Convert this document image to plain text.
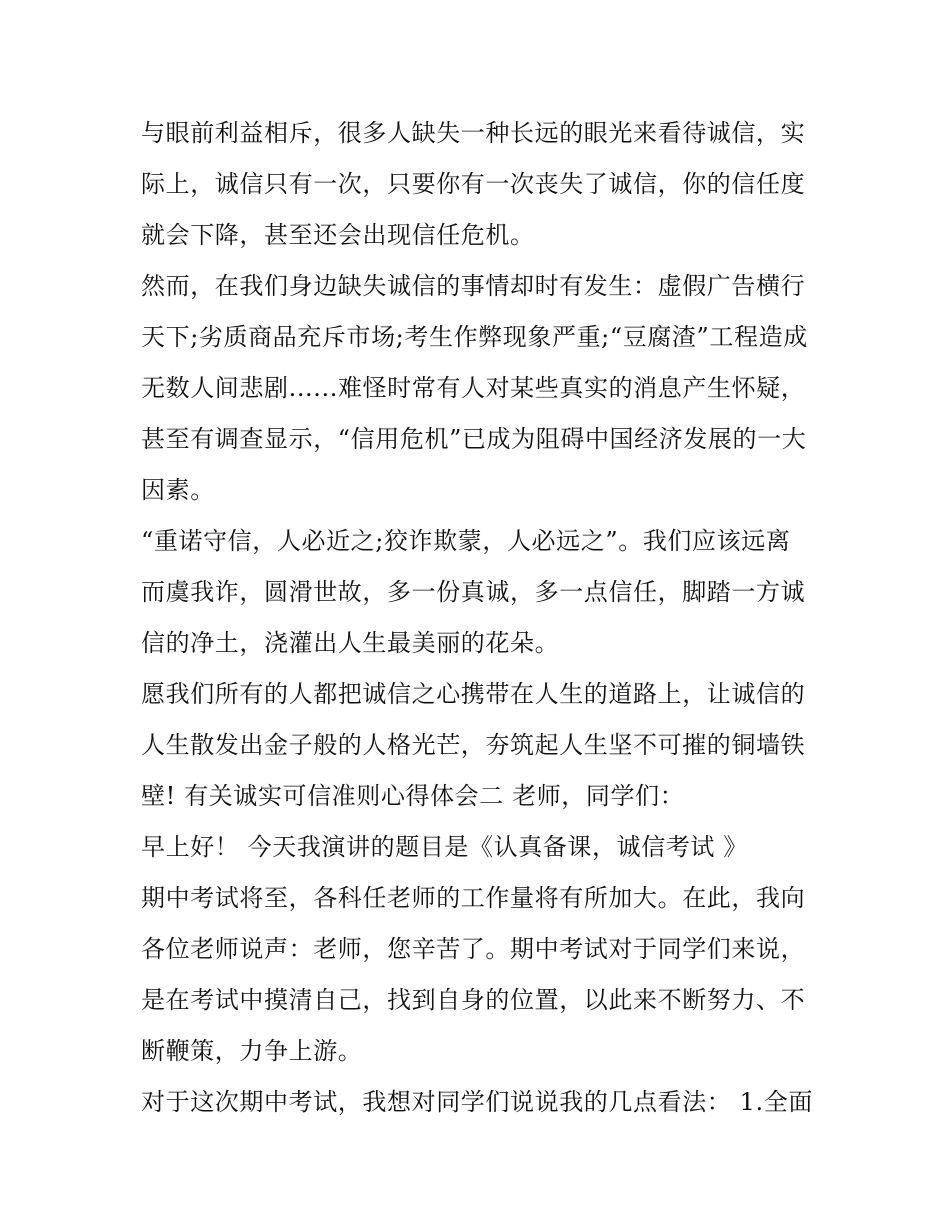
与眼前利益相斥，很多人缺失一种长远的眼光来看待诚信，实
际上，诚信只有一次，只要你有一次丧失了诚信，你的信任度
就会下降，甚至还会出现信任危机。
然而，在我们身边缺失诚信的事情却时有发生：虚假广告横行
天下;劣质商品充斥市场;考生作弊现象严重;“豆腐渣”工程造成
无数人间悲剧......难怪时常有人对某些真实的消息产生怀疑，
甚至有调查显示，“信用危机”已成为阻碍中国经济发展的一大
因素。
“重诺守信，人必近之;狡诈欺蒙，人必远之”。我们应该远离
而虞我诈，圆滑世故，多一份真诚，多一点信任，脚踏一方诚
信的净土，浇灌出人生最美丽的花朵。
愿我们所有的人都把诚信之心携带在人生的道路上，让诚信的
人生散发出金子般的人格光芒，夯筑起人生坚不可摧的铜墙铁
壁! 有关诚实可信准则心得体会二 老师，同学们：
早上好！ 今天我演讲的题目是《认真备课，诚信考试 》
期中考试将至，各科任老师的工作量将有所加大。在此，我向
各位老师说声：老师，您辛苦了。期中考试对于同学们来说，
是在考试中摸清自己，找到自身的位置，以此来不断努力、不
断鞭策，力争上游。
对于这次期中考试，我想对同学们说说我的几点看法： 1.全面
